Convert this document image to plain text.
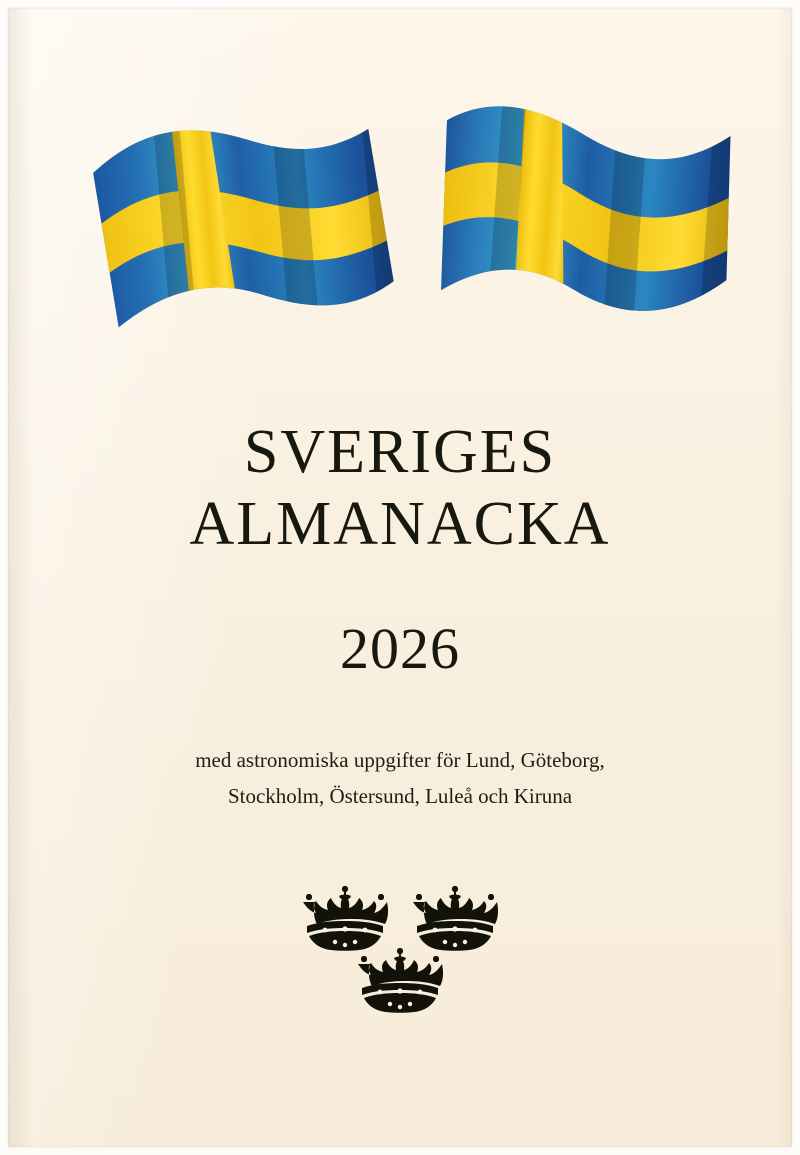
SVERIGES
ALMANACKA
2026
med astronomiska uppgifter för Lund, Göteborg,
Stockholm, Östersund, Luleå och Kiruna
